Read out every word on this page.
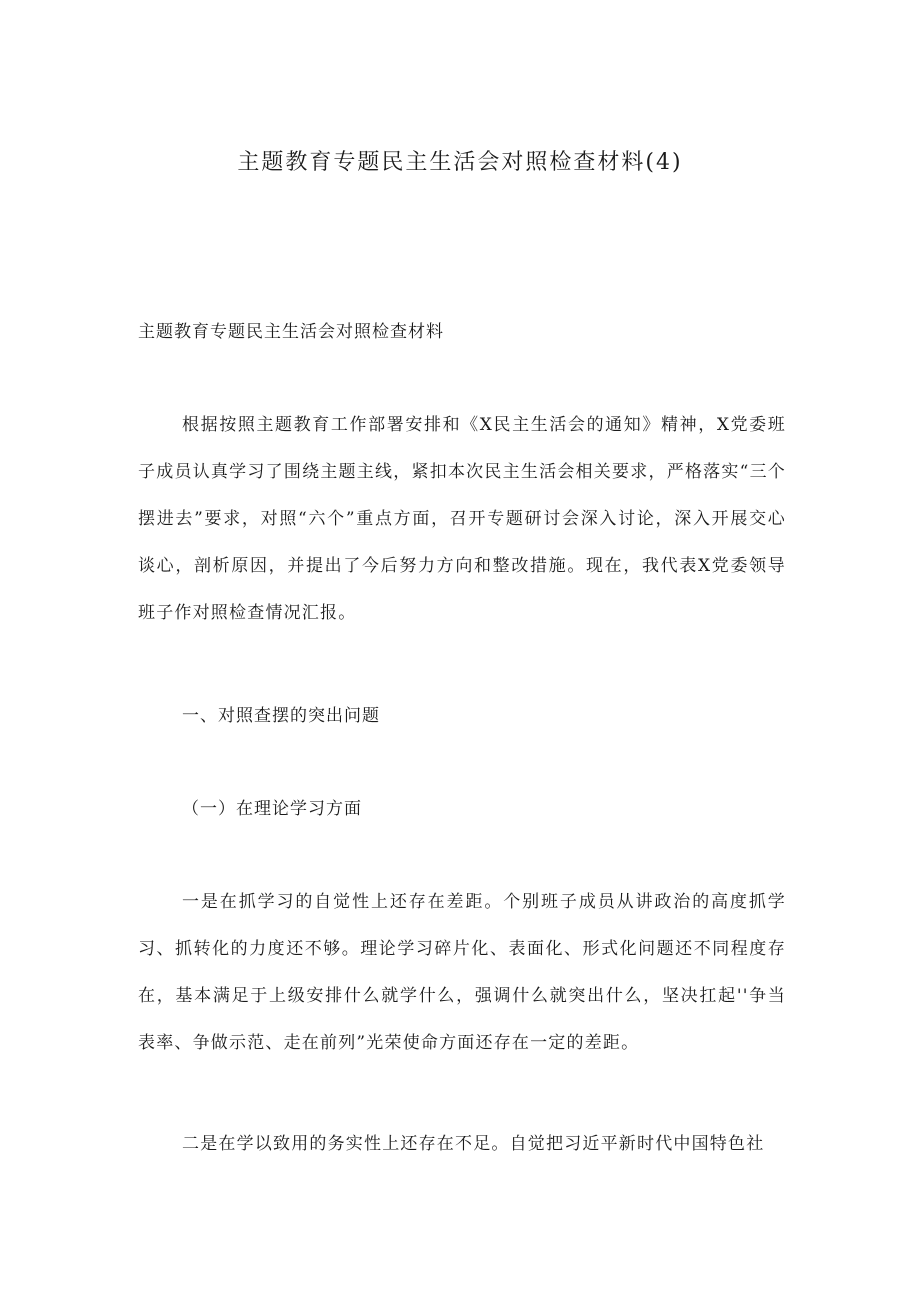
主题教育专题民主生活会对照检查材料(4)

主题教育专题民主生活会对照检查材料

根据按照主题教育工作部署安排和《X民主生活会的通知》精神，X党委班子成员认真学习了围绕主题主线，紧扣本次民主生活会相关要求，严格落实“三个摆进去”要求，对照“六个”重点方面，召开专题研讨会深入讨论，深入开展交心谈心，剖析原因，并提出了今后努力方向和整改措施。现在，我代表X党委领导班子作对照检查情况汇报。

一、对照查摆的突出问题

（一）在理论学习方面

一是在抓学习的自觉性上还存在差距。个别班子成员从讲政治的高度抓学习、抓转化的力度还不够。理论学习碎片化、表面化、形式化问题还不同程度存在，基本满足于上级安排什么就学什么，强调什么就突出什么，坚决扛起''争当表率、争做示范、走在前列”光荣使命方面还存在一定的差距。

二是在学以致用的务实性上还存在不足。自觉把习近平新时代中国特色社
